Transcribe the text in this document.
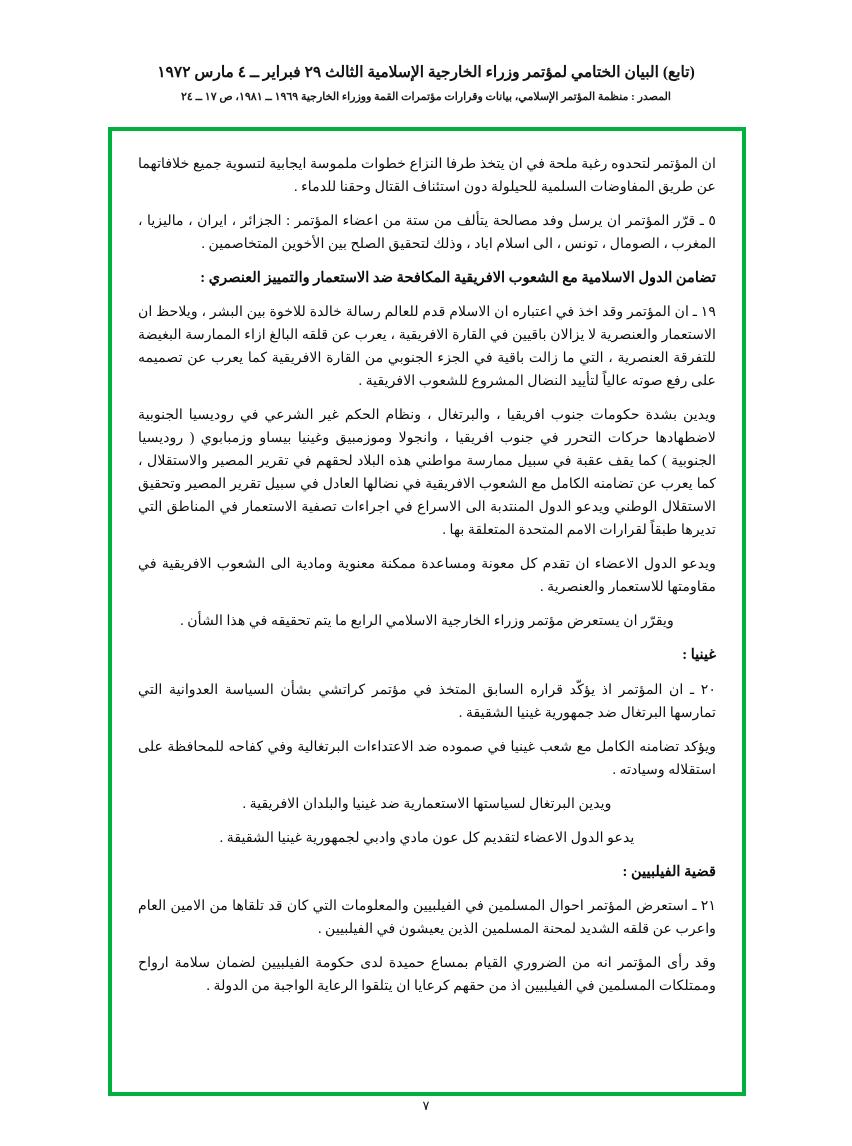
(تابع) البيان الختامي لمؤتمر وزراء الخارجية الإسلامية الثالث ٢٩ فبراير ــ ٤ مارس ١٩٧٢
المصدر : منظمة المؤتمر الإسلامي، بيانات وقرارات مؤتمرات القمة ووزراء الخارجية ١٩٦٩ ــ ١٩٨١، ص ١٧ ــ ٢٤

ان المؤتمر لتحدوه رغبة ملحة في ان يتخذ طرفا النزاع خطوات ملموسة ايجابية لتسوية جميع خلافاتهما عن طريق المفاوضات السلمية للحيلولة دون استئناف القتال وحقنا للدماء .

٥ ـ قرّر المؤتمر ان يرسل وفد مصالحة يتألف من ستة من اعضاء المؤتمر : الجزائر ، ايران ، ماليزيا ، المغرب ، الصومال ، تونس ، الى اسلام اباد ، وذلك لتحقيق الصلح بين الأخوين المتخاصمين .

تضامن الدول الاسلامية مع الشعوب الافريقية المكافحة ضد الاستعمار والتمييز العنصري :

١٩ ـ ان المؤتمر وقد اخذ في اعتباره ان الاسلام قدم للعالم رسالة خالدة للاخوة بين البشر ، ويلاحظ ان الاستعمار والعنصرية لا يزالان باقيين في القارة الافريقية ، يعرب عن قلقه البالغ ازاء الممارسة البغيضة للتفرقة العنصرية ، التي ما زالت باقية في الجزء الجنوبي من القارة الافريقية كما يعرب عن تصميمه على رفع صوته عالياً لتأييد النضال المشروع للشعوب الافريقية .

ويدين بشدة حكومات جنوب افريقيا ، والبرتغال ، ونظام الحكم غير الشرعي في روديسيا الجنوبية لاضطهادها حركات التحرر في جنوب افريقيا ، وانجولا وموزمبيق وغينيا بيساو وزمبابوي ( روديسيا الجنوبية ) كما يقف عقبة في سبيل ممارسة مواطني هذه البلاد لحقهم في تقرير المصير والاستقلال ، كما يعرب عن تضامنه الكامل مع الشعوب الافريقية في نضالها العادل في سبيل تقرير المصير وتحقيق الاستقلال الوطني ويدعو الدول المنتدبة الى الاسراع في اجراءات تصفية الاستعمار في المناطق التي تديرها طبقاً لقرارات الامم المتحدة المتعلقة بها .

ويدعو الدول الاعضاء ان تقدم كل معونة ومساعدة ممكنة معنوية ومادية الى الشعوب الافريقية في مقاومتها للاستعمار والعنصرية .

ويقرّر ان يستعرض مؤتمر وزراء الخارجية الاسلامي الرابع ما يتم تحقيقه في هذا الشأن .

غينيا :

٢٠ ـ ان المؤتمر اذ يؤكّد قراره السابق المتخذ في مؤتمر كراتشي بشأن السياسة العدوانية التي تمارسها البرتغال ضد جمهورية غينيا الشقيقة .

ويؤكد تضامنه الكامل مع شعب غينيا في صموده ضد الاعتداءات البرتغالية وفي كفاحه للمحافظة على استقلاله وسيادته .

ويدين البرتغال لسياستها الاستعمارية ضد غينيا والبلدان الافريقية .

يدعو الدول الاعضاء لتقديم كل عون مادي وادبي لجمهورية غينيا الشقيقة .

قضية الفيلبيين :

٢١ ـ استعرض المؤتمر احوال المسلمين في الفيلبيين والمعلومات التي كان قد تلقاها من الامين العام واعرب عن قلقه الشديد لمحنة المسلمين الذين يعيشون في الفيلبيين .

وقد رأى المؤتمر انه من الضروري القيام بمساع حميدة لدى حكومة الفيلبيين لضمان سلامة ارواح وممتلكات المسلمين في الفيلبيين اذ من حقهم كرعايا ان يتلقوا الرعاية الواجبة من الدولة .

٧
